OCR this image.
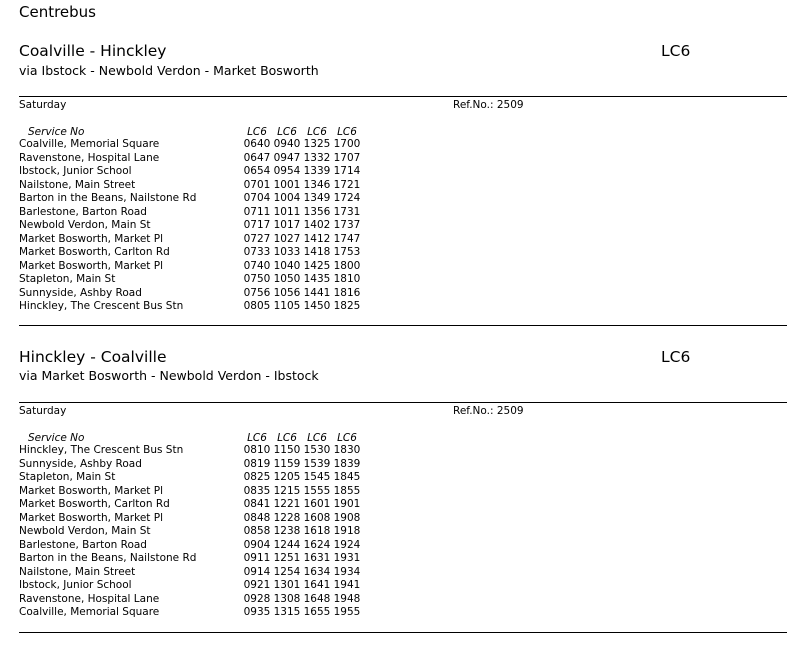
Centrebus
Coalville - Hinckley	LC6
via Ibstock - Newbold Verdon - Market Bosworth
Saturday	Ref.No.: 2509
Service No	LC6 LC6 LC6 LC6
Coalville, Memorial Square	0640 0940 1325 1700
Ravenstone, Hospital Lane	0647 0947 1332 1707
Ibstock, Junior School	0654 0954 1339 1714
Nailstone, Main Street	0701 1001 1346 1721
Barton in the Beans, Nailstone Rd	0704 1004 1349 1724
Barlestone, Barton Road	0711 1011 1356 1731
Newbold Verdon, Main St	0717 1017 1402 1737
Market Bosworth, Market Pl	0727 1027 1412 1747
Market Bosworth, Carlton Rd	0733 1033 1418 1753
Market Bosworth, Market Pl	0740 1040 1425 1800
Stapleton, Main St	0750 1050 1435 1810
Sunnyside, Ashby Road	0756 1056 1441 1816
Hinckley, The Crescent Bus Stn	0805 1105 1450 1825
Hinckley - Coalville	LC6
via Market Bosworth - Newbold Verdon - Ibstock
Saturday	Ref.No.: 2509
Service No	LC6 LC6 LC6 LC6
Hinckley, The Crescent Bus Stn	0810 1150 1530 1830
Sunnyside, Ashby Road	0819 1159 1539 1839
Stapleton, Main St	0825 1205 1545 1845
Market Bosworth, Market Pl	0835 1215 1555 1855
Market Bosworth, Carlton Rd	0841 1221 1601 1901
Market Bosworth, Market Pl	0848 1228 1608 1908
Newbold Verdon, Main St	0858 1238 1618 1918
Barlestone, Barton Road	0904 1244 1624 1924
Barton in the Beans, Nailstone Rd	0911 1251 1631 1931
Nailstone, Main Street	0914 1254 1634 1934
Ibstock, Junior School	0921 1301 1641 1941
Ravenstone, Hospital Lane	0928 1308 1648 1948
Coalville, Memorial Square	0935 1315 1655 1955
